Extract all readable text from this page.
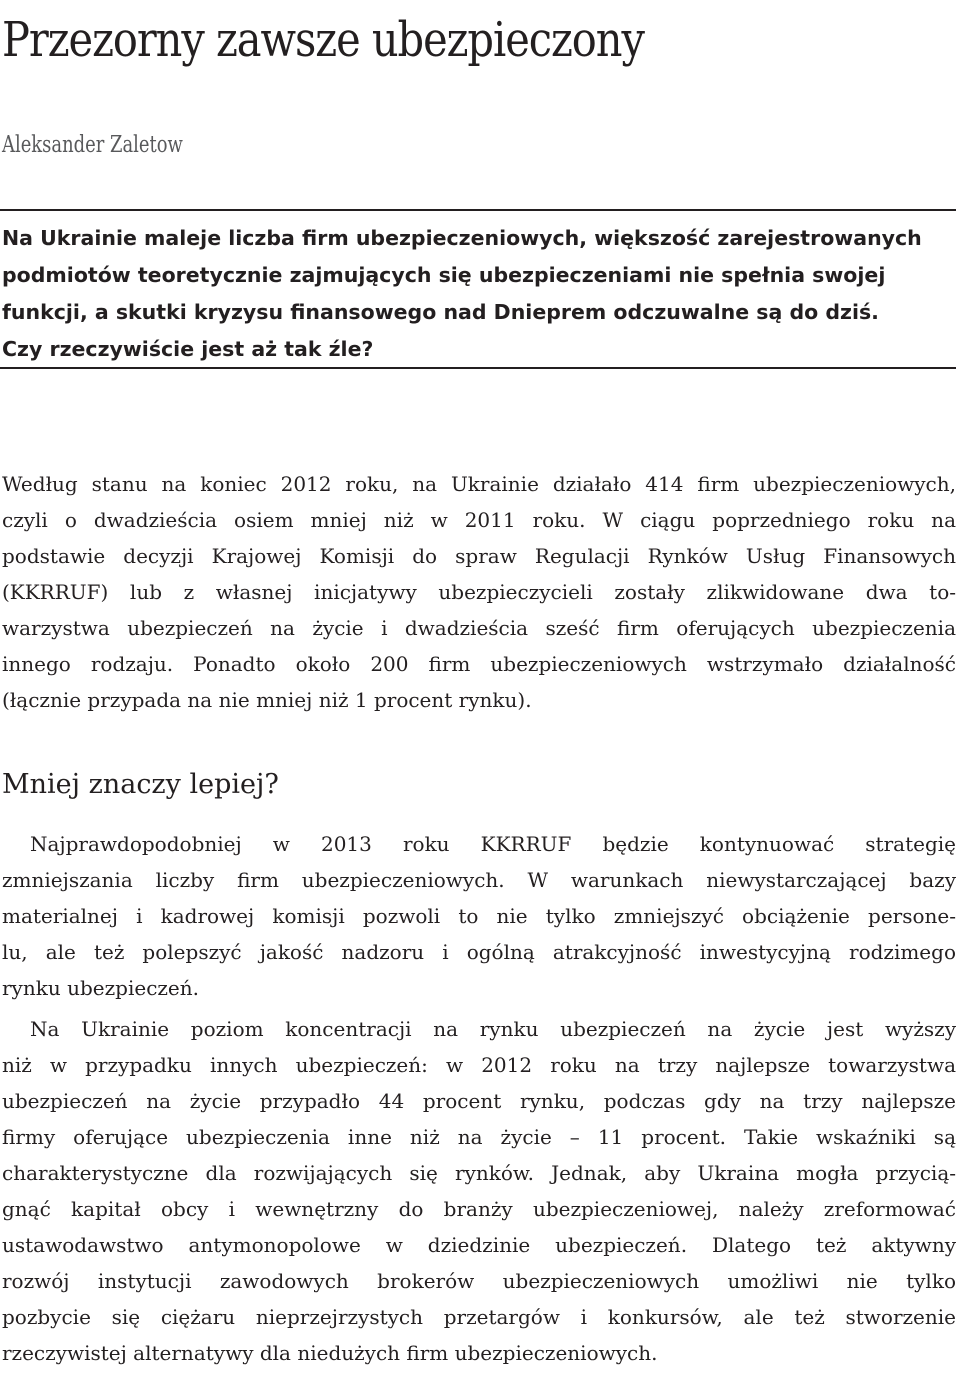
Przezorny zawsze ubezpieczony

Aleksander Zaletow

Na Ukrainie maleje liczba firm ubezpieczeniowych, większość zarejestrowanych
podmiotów teoretycznie zajmujących się ubezpieczeniami nie spełnia swojej
funkcji, a skutki kryzysu finansowego nad Dnieprem odczuwalne są do dziś.
Czy rzeczywiście jest aż tak źle?

Według stanu na koniec 2012 roku, na Ukrainie działało 414 firm ubezpieczeniowych,
czyli o dwadzieścia osiem mniej niż w 2011 roku. W ciągu poprzedniego roku na
podstawie decyzji Krajowej Komisji do spraw Regulacji Rynków Usług Finansowych
(KKRRUF) lub z własnej inicjatywy ubezpieczycieli zostały zlikwidowane dwa to-
warzystwa ubezpieczeń na życie i dwadzieścia sześć firm oferujących ubezpieczenia
innego rodzaju. Ponadto około 200 firm ubezpieczeniowych wstrzymało działalność
(łącznie przypada na nie mniej niż 1 procent rynku).

Mniej znaczy lepiej?

Najprawdopodobniej w 2013 roku KKRRUF będzie kontynuować strategię
zmniejszania liczby firm ubezpieczeniowych. W warunkach niewystarczającej bazy
materialnej i kadrowej komisji pozwoli to nie tylko zmniejszyć obciążenie persone-
lu, ale też polepszyć jakość nadzoru i ogólną atrakcyjność inwestycyjną rodzimego
rynku ubezpieczeń.

Na Ukrainie poziom koncentracji na rynku ubezpieczeń na życie jest wyższy
niż w przypadku innych ubezpieczeń: w 2012 roku na trzy najlepsze towarzystwa
ubezpieczeń na życie przypadło 44 procent rynku, podczas gdy na trzy najlepsze
firmy oferujące ubezpieczenia inne niż na życie – 11 procent. Takie wskaźniki są
charakterystyczne dla rozwijających się rynków. Jednak, aby Ukraina mogła przycią-
gnąć kapitał obcy i wewnętrzny do branży ubezpieczeniowej, należy zreformować
ustawodawstwo antymonopolowe w dziedzinie ubezpieczeń. Dlatego też aktywny
rozwój instytucji zawodowych brokerów ubezpieczeniowych umożliwi nie tylko
pozbycie się ciężaru nieprzejrzystych przetargów i konkursów, ale też stworzenie
rzeczywistej alternatywy dla niedużych firm ubezpieczeniowych.
